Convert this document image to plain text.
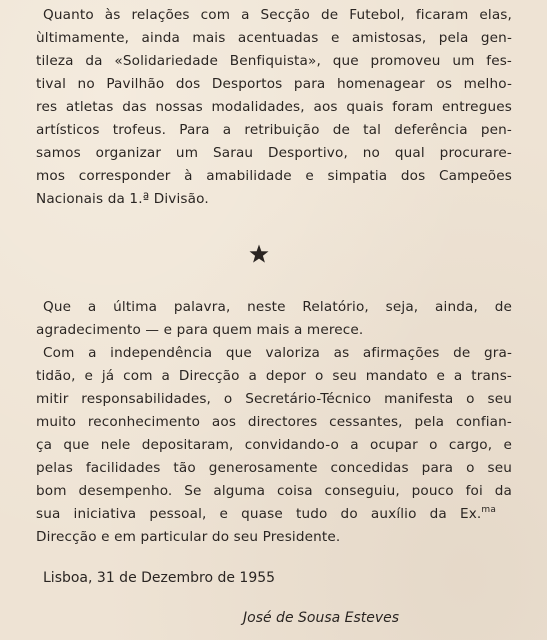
Quanto às relações com a Secção de Futebol, ficaram elas,
ùltimamente, ainda mais acentuadas e amistosas, pela gen-
tileza da «Solidariedade Benfiquista», que promoveu um fes-
tival no Pavilhão dos Desportos para homenagear os melho-
res atletas das nossas modalidades, aos quais foram entregues
artísticos trofeus. Para a retribuição de tal deferência pen-
samos organizar um Sarau Desportivo, no qual procurare-
mos corresponder à amabilidade e simpatia dos Campeões
Nacionais da 1.ª Divisão.
Que a última palavra, neste Relatório, seja, ainda, de
agradecimento — e para quem mais a merece.
Com a independência que valoriza as afirmações de gra-
tidão, e já com a Direcção a depor o seu mandato e a trans-
mitir responsabilidades, o Secretário-Técnico manifesta o seu
muito reconhecimento aos directores cessantes, pela confian-
ça que nele depositaram, convidando-o a ocupar o cargo, e
pelas facilidades tão generosamente concedidas para o seu
bom desempenho. Se alguma coisa conseguiu, pouco foi da
sua iniciativa pessoal, e quase tudo do auxílio da Ex.$^{ma}$
Direcção e em particular do seu Presidente.
Lisboa, 31 de Dezembro de 1955
José de Sousa Esteves
